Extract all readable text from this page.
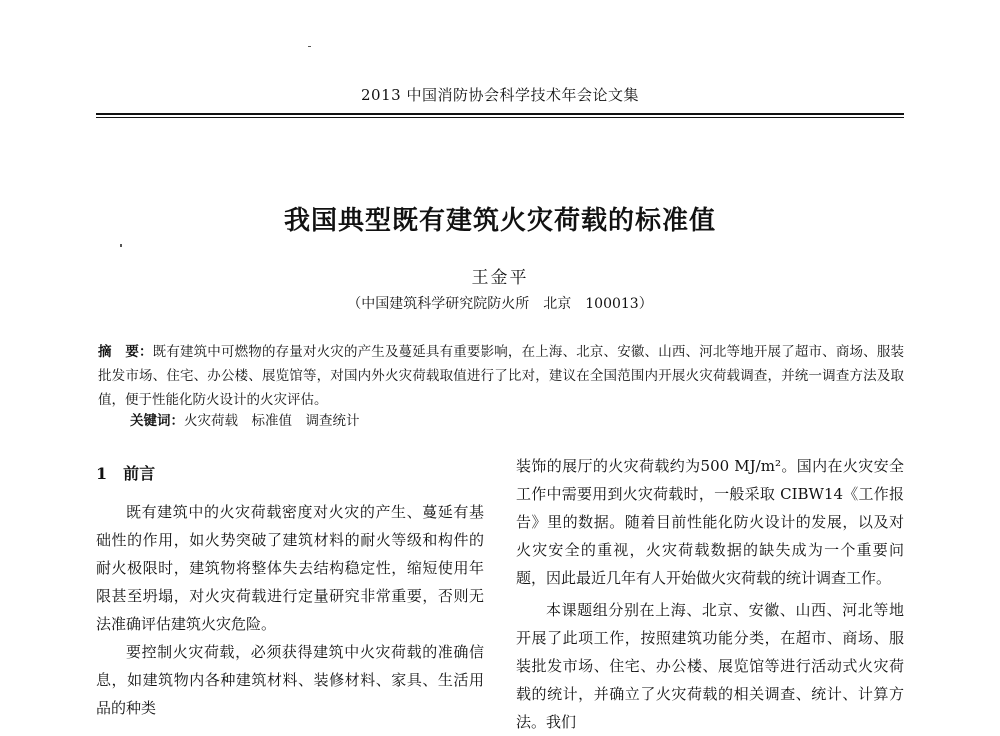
2013 中国消防协会科学技术年会论文集
我国典型既有建筑火灾荷载的标准值
王金平
（中国建筑科学研究院防火所　北京　100013）
摘　要：既有建筑中可燃物的存量对火灾的产生及蔓延具有重要影响，在上海、北京、安徽、山西、河北等地开展了超市、商场、服装批发市场、住宅、办公楼、展览馆等，对国内外火灾荷载取值进行了比对，建议在全国范围内开展火灾荷载调查，并统一调查方法及取值，便于性能化防火设计的火灾评估。
关键词：火灾荷载　标准值　调查统计
1 前言

既有建筑中的火灾荷载密度对火灾的产生、蔓延有基础性的作用，如火势突破了建筑材料的耐火等级和构件的耐火极限时，建筑物将整体失去结构稳定性，缩短使用年限甚至坍塌，对火灾荷载进行定量研究非常重要，否则无法准确评估建筑火灾危险。

要控制火灾荷载，必须获得建筑中火灾荷载的准确信息，如建筑物内各种建筑材料、装修材料、家具、生活用品的种类

装饰的展厅的火灾荷载约为500 MJ/m²。国内在火灾安全工作中需要用到火灾荷载时，一般采取 CIBW14《工作报告》里的数据。随着目前性能化防火设计的发展，以及对火灾安全的重视，火灾荷载数据的缺失成为一个重要问题，因此最近几年有人开始做火灾荷载的统计调查工作。

本课题组分别在上海、北京、安徽、山西、河北等地开展了此项工作，按照建筑功能分类，在超市、商场、服装批发市场、住宅、办公楼、展览馆等进行活动式火灾荷载的统计，并确立了火灾荷载的相关调查、统计、计算方法。我们
